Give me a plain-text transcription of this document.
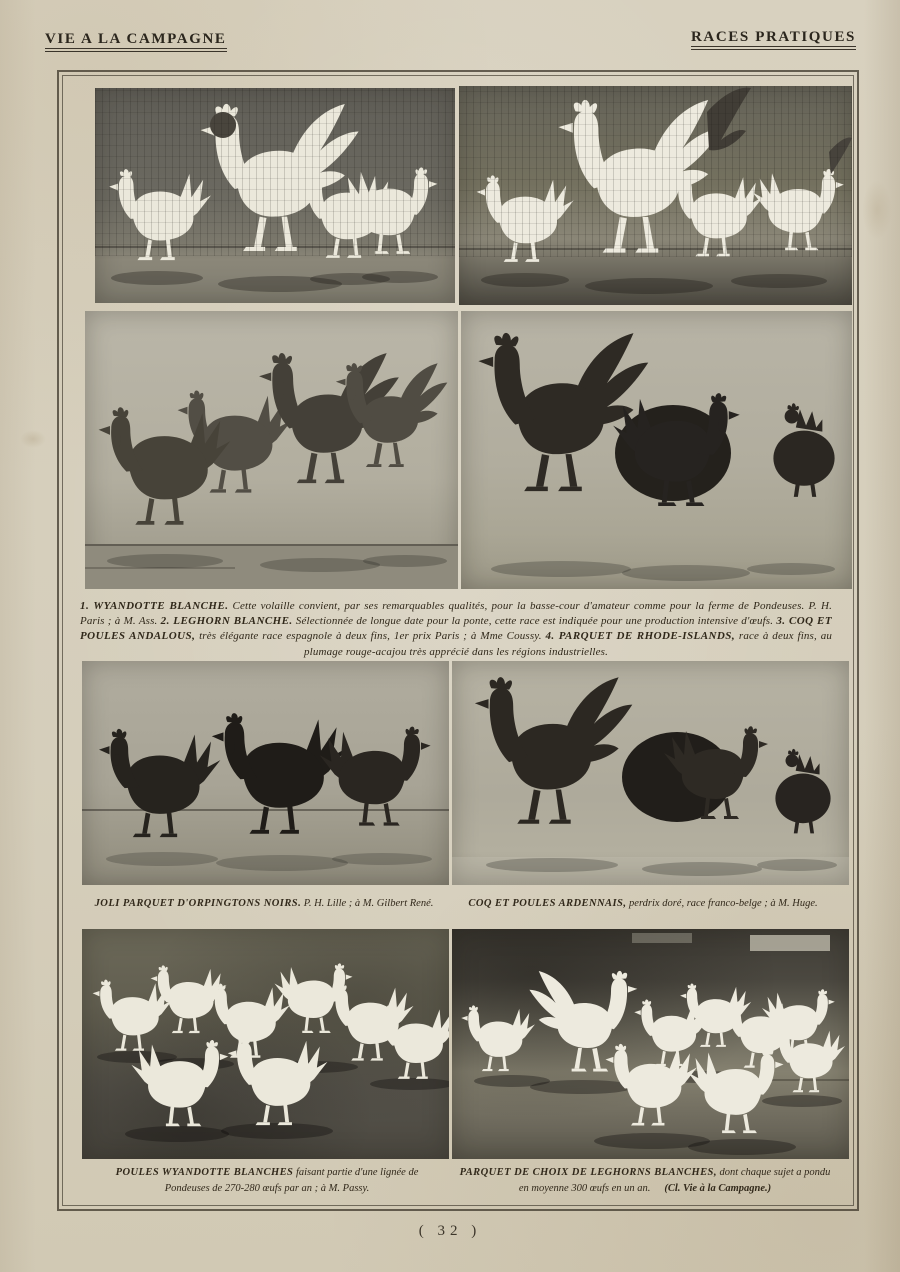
VIE A LA CAMPAGNE	RACES PRATIQUES
1. WYANDOTTE BLANCHE. Cette volaille convient, par ses remarquables qualités, pour la basse-cour d'amateur comme pour la ferme de Pondeuses. P. H. Paris ; à M. Ass. 2. LEGHORN BLANCHE. Sélectionnée de longue date pour la ponte, cette race est indiquée pour une production intensive d'œufs. 3. COQ ET POULES ANDALOUS, très élégante race espagnole à deux fins, 1er prix Paris ; à Mme Coussy. 4. PARQUET DE RHODE-ISLANDS, race à deux fins, au plumage rouge-acajou très apprécié dans les régions industrielles.
JOLI PARQUET D'ORPINGTONS NOIRS. P. H. Lille ; à M. Gilbert René.	COQ ET POULES ARDENNAIS, perdrix doré, race franco-belge ; à M. Huge.
POULES WYANDOTTE BLANCHES faisant partie d'une lignée de Pondeuses de 270-280 œufs par an ; à M. Passy.
PARQUET DE CHOIX DE LEGHORNS BLANCHES, dont chaque sujet a pondu en moyenne 300 œufs en un an. (Cl. Vie à la Campagne.)
( 32 )
